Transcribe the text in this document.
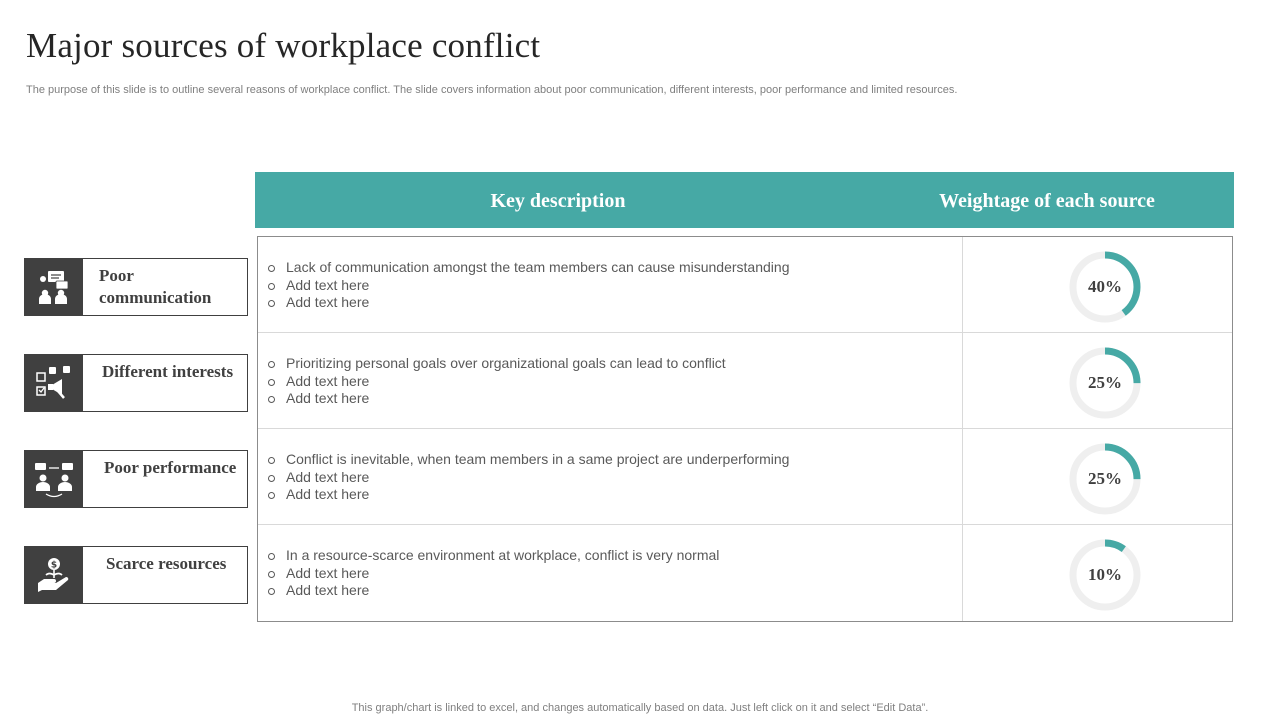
Major sources of workplace conflict
The purpose of this slide is to outline several reasons of workplace conflict. The slide covers information about poor communication, different interests, poor performance and limited resources.
Key description	Weightage of each source
Poor communication
Different interests
Poor performance
$	Scarce resources
Lack of communication amongst the team members can cause misunderstanding
Add text here
Add text here
40%
Prioritizing personal goals over organizational goals can lead to conflict
Add text here
Add text here
25%
Conflict is inevitable, when team members in a same project are underperforming
Add text here
Add text here
25%
In a resource-scarce environment at workplace, conflict is very normal
Add text here
Add text here
10%
This graph/chart is linked to excel, and changes automatically based on data. Just left click on it and select “Edit Data”.
